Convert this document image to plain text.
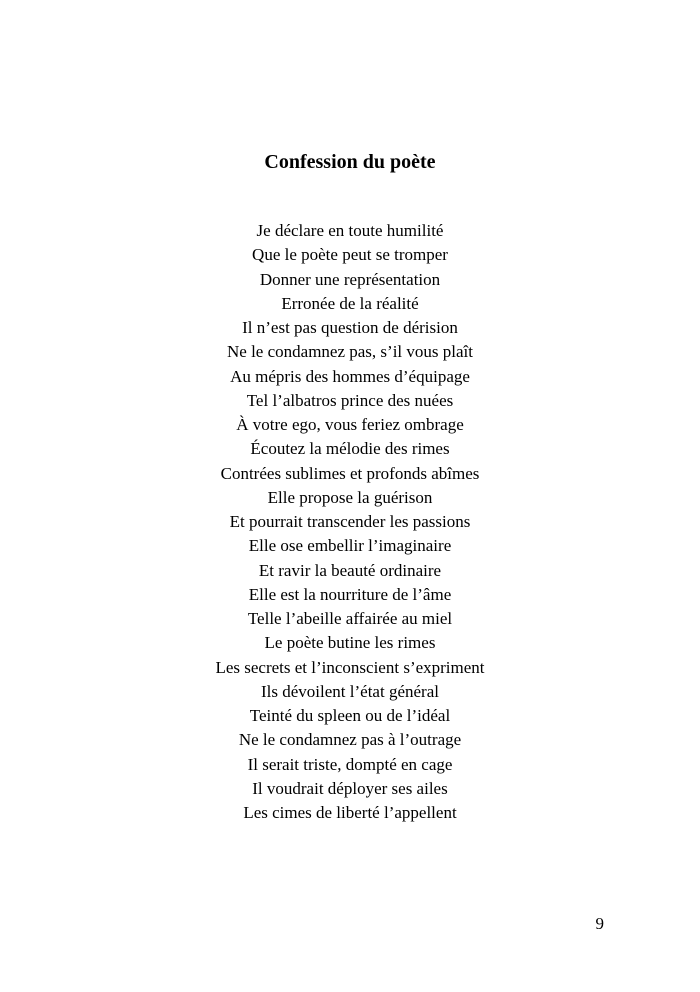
Confession du poète
Je déclare en toute humilité
Que le poète peut se tromper
Donner une représentation
Erronée de la réalité
Il n’est pas question de dérision
Ne le condamnez pas, s’il vous plaît
Au mépris des hommes d’équipage
Tel l’albatros prince des nuées
À votre ego, vous feriez ombrage
Écoutez la mélodie des rimes
Contrées sublimes et profonds abîmes
Elle propose la guérison
Et pourrait transcender les passions
Elle ose embellir l’imaginaire
Et ravir la beauté ordinaire
Elle est la nourriture de l’âme
Telle l’abeille affairée au miel
Le poète butine les rimes
Les secrets et l’inconscient s’expriment
Ils dévoilent l’état général
Teinté du spleen ou de l’idéal
Ne le condamnez pas à l’outrage
Il serait triste, dompté en cage
Il voudrait déployer ses ailes
Les cimes de liberté l’appellent
9
